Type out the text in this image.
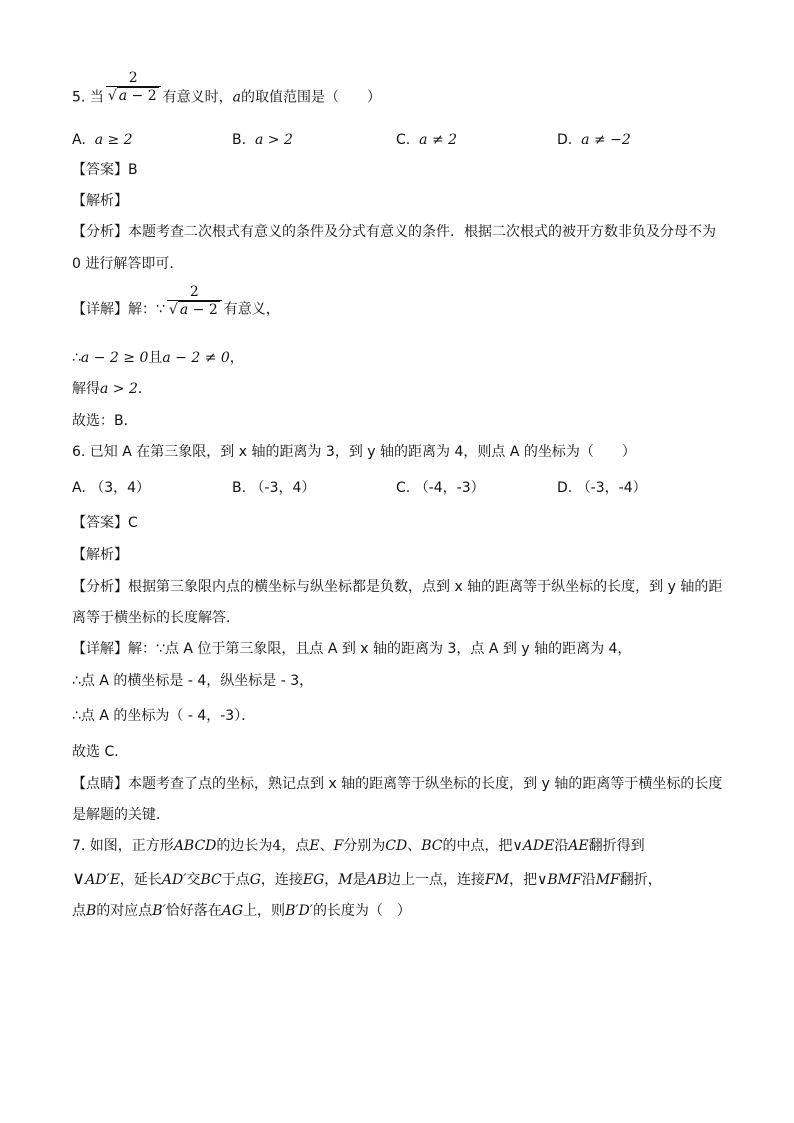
5. 当 $\frac{2}{√ a - 2}$ 有意义时，a的取值范围是（　　）
A. a ≥ 2	B. a > 2	C. a ≠ 2	D. a ≠ −2
【答案】B
【解析】
【分析】本题考查二次根式有意义的条件及分式有意义的条件．根据二次根式的被开方数非负及分母不为
0 进行解答即可．
【详解】解：∵ $\frac{2}{√ a - 2}$ 有意义，
∴a − 2 ≥ 0且a − 2 ≠ 0，
解得a > 2．
故选：B．
6. 已知 A 在第三象限，到 x 轴的距离为 3，到 y 轴的距离为 4，则点 A 的坐标为（　　）
A. （3，4）	B. （-3，4）	C. （-4，-3）	D. （-3，-4）
【答案】C
【解析】
【分析】根据第三象限内点的横坐标与纵坐标都是负数，点到 x 轴的距离等于纵坐标的长度，到 y 轴的距
离等于横坐标的长度解答．
【详解】解：∵点 A 位于第三象限，且点 A 到 x 轴的距离为 3，点 A 到 y 轴的距离为 4，
∴点 A 的横坐标是 - 4，纵坐标是 - 3，
∴点 A 的坐标为（ - 4，-3）．
故选 C．
【点睛】本题考查了点的坐标，熟记点到 x 轴的距离等于纵坐标的长度，到 y 轴的距离等于横坐标的长度
是解题的关键．
7. 如图，正方形ABCD的边长为4，点E、F分别为CD、BC的中点，把∨ADE沿AE翻折得到
∨AD′E，延长AD′交BC于点G，连接EG，M是AB边上一点，连接FM，把∨BMF沿MF翻折，
点B的对应点B′恰好落在AG上，则B′D′的长度为（　）
